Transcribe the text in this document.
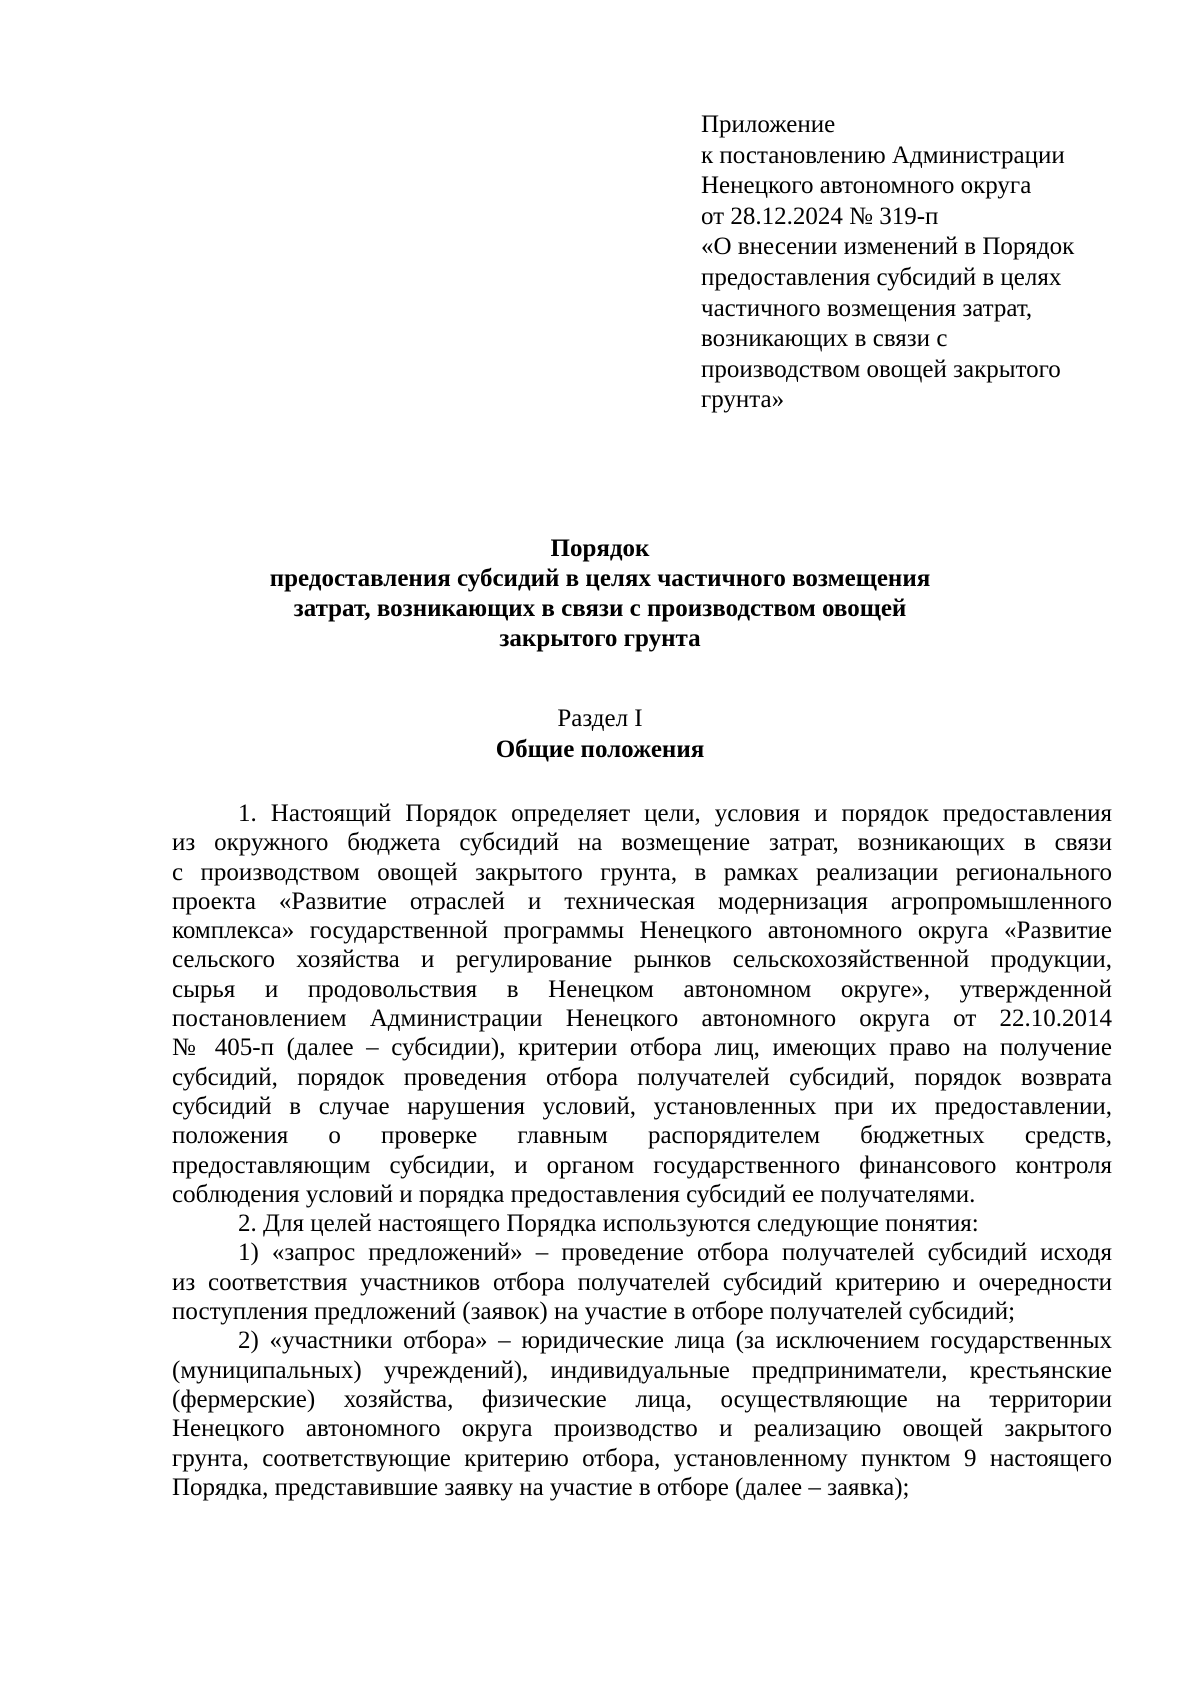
Приложение
к постановлению Администрации
Ненецкого автономного округа
от 28.12.2024 № 319-п
«О внесении изменений в Порядок
предоставления субсидий в целях
частичного возмещения затрат,
возникающих в связи с
производством овощей закрытого
грунта»
Порядок
предоставления субсидий в целях частичного возмещения
затрат, возникающих в связи с производством овощей
закрытого грунта
Раздел I
Общие положения
1. Настоящий Порядок определяет цели, условия и порядок предоставления
из окружного бюджета субсидий на возмещение затрат, возникающих в связи
с производством овощей закрытого грунта, в рамках реализации регионального
проекта «Развитие отраслей и техническая модернизация агропромышленного
комплекса» государственной программы Ненецкого автономного округа «Развитие
сельского хозяйства и регулирование рынков сельскохозяйственной продукции,
сырья и продовольствия в Ненецком автономном округе», утвержденной
постановлением Администрации Ненецкого автономного округа от 22.10.2014
№ 405-п (далее – субсидии), критерии отбора лиц, имеющих право на получение
субсидий, порядок проведения отбора получателей субсидий, порядок возврата
субсидий в случае нарушения условий, установленных при их предоставлении,
положения о проверке главным распорядителем бюджетных средств,
предоставляющим субсидии, и органом государственного финансового контроля
соблюдения условий и порядка предоставления субсидий ее получателями.
2. Для целей настоящего Порядка используются следующие понятия:
1) «запрос предложений» – проведение отбора получателей субсидий исходя
из соответствия участников отбора получателей субсидий критерию и очередности
поступления предложений (заявок) на участие в отборе получателей субсидий;
2) «участники отбора» – юридические лица (за исключением государственных
(муниципальных) учреждений), индивидуальные предприниматели, крестьянские
(фермерские) хозяйства, физические лица, осуществляющие на территории
Ненецкого автономного округа производство и реализацию овощей закрытого
грунта, соответствующие критерию отбора, установленному пунктом 9 настоящего
Порядка, представившие заявку на участие в отборе (далее – заявка);
